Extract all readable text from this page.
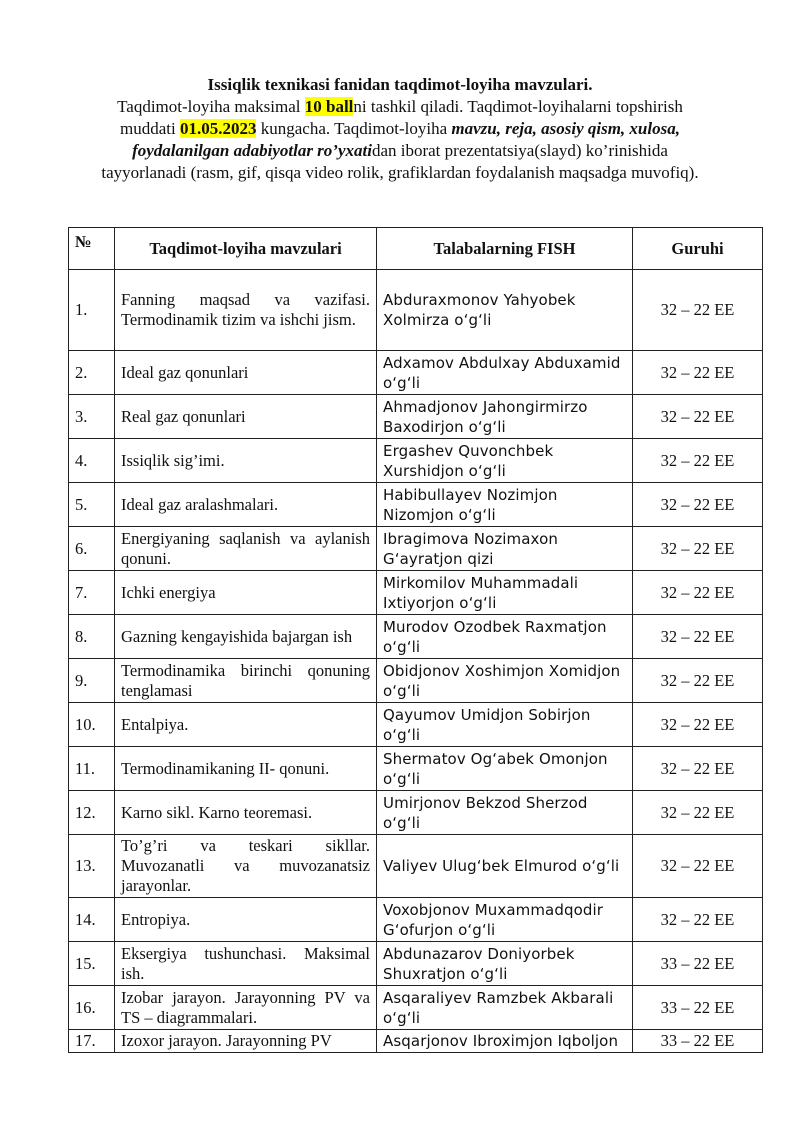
Issiqlik texnikasi fanidan taqdimot-loyiha mavzulari.
Taqdimot-loyiha maksimal 10 ballni tashkil qiladi. Taqdimot-loyihalarni topshirish muddati 01.05.2023 kungacha. Taqdimot-loyiha mavzu, reja, asosiy qism, xulosa, foydalanilgan adabiyotlar ro’yxatidan iborat prezentatsiya(slayd) ko’rinishida tayyorlanadi (rasm, gif, qisqa video rolik, grafiklardan foydalanish maqsadga muvofiq).
№	Taqdimot-loyiha mavzulari	Talabalarning FISH	Guruhi
1.	Fanning maqsad va vazifasi. Termodinamik tizim va ishchi jism.	Abduraxmonov Yahyobek Xolmirza o‘g‘li	32 – 22 EE
2.	Ideal gaz qonunlari	Adxamov Abdulxay Abduxamid o‘g‘li	32 – 22 EE
3.	Real gaz qonunlari	Ahmadjonov Jahongirmirzo Baxodirjon o‘g‘li	32 – 22 EE
4.	Issiqlik sig’imi.	Ergashev Quvonchbek Xurshidjon o‘g‘li	32 – 22 EE
5.	Ideal gaz aralashmalari.	Habibullayev Nozimjon Nizomjon o‘g‘li	32 – 22 EE
6.	Energiyaning saqlanish va aylanish qonuni.	Ibragimova Nozimaxon G‘ayratjon qizi	32 – 22 EE
7.	Ichki energiya	Mirkomilov Muhammadali Ixtiyorjon o‘g‘li	32 – 22 EE
8.	Gazning kengayishida bajargan ish	Murodov Ozodbek Raxmatjon o‘g‘li	32 – 22 EE
9.	Termodinamika birinchi qonuning tenglamasi	Obidjonov Xoshimjon Xomidjon o‘g‘li	32 – 22 EE
10.	Entalpiya.	Qayumov Umidjon Sobirjon o‘g‘li	32 – 22 EE
11.	Termodinamikaning II- qonuni.	Shermatov Og‘abek Omonjon o‘g‘li	32 – 22 EE
12.	Karno sikl. Karno teoremasi.	Umirjonov Bekzod Sherzod o‘g‘li	32 – 22 EE
13.	To’g’ri va teskari sikllar. Muvozanatli va muvozanatsiz jarayonlar.	Valiyev Ulug‘bek Elmurod o‘g‘li	32 – 22 EE
14.	Entropiya.	Voxobjonov Muxammadqodir G‘ofurjon o‘g‘li	32 – 22 EE
15.	Eksergiya tushunchasi. Maksimal ish.	Abdunazarov Doniyorbek Shuxratjon o‘g‘li	33 – 22 EE
16.	Izobar jarayon. Jarayonning PV va TS – diagrammalari.	Asqaraliyev Ramzbek Akbarali o‘g‘li	33 – 22 EE
17.	Izoxor jarayon. Jarayonning PV	Asqarjonov Ibroximjon Iqboljon	33 – 22 EE
